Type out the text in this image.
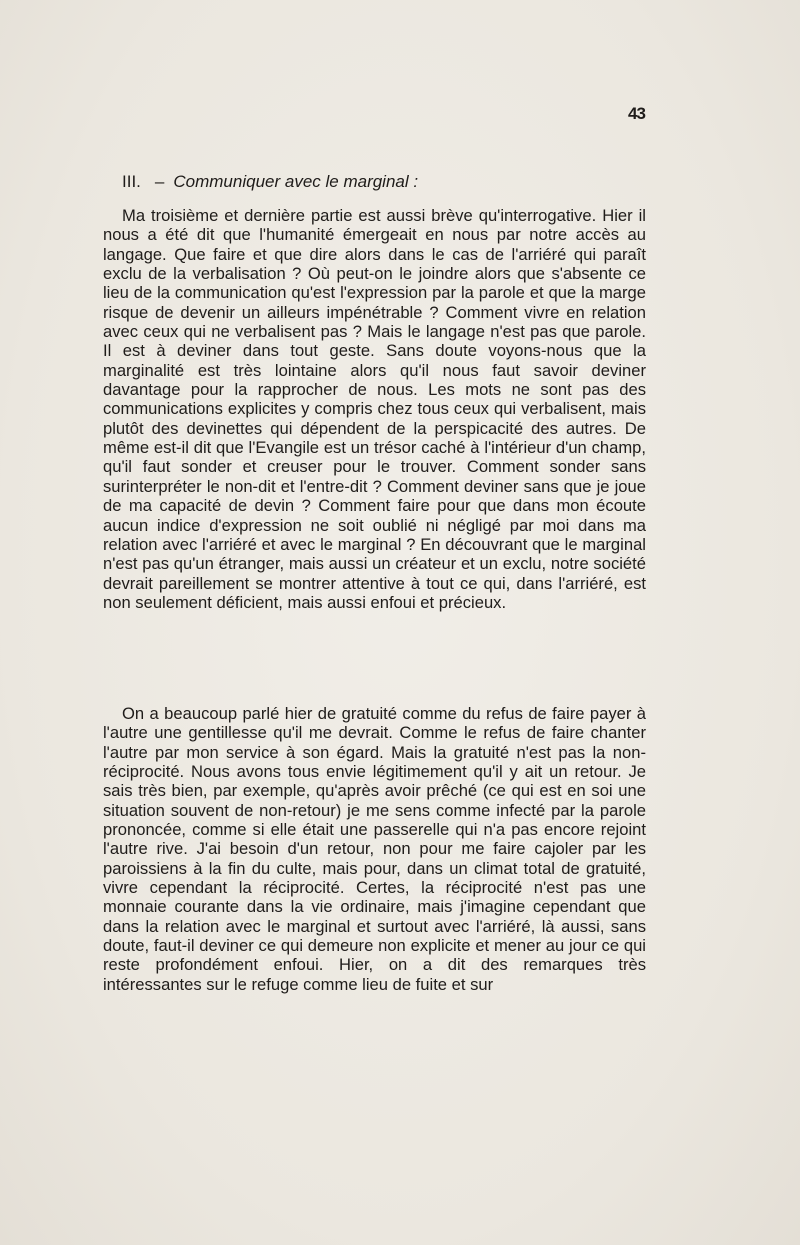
43
III. – Communiquer avec le marginal :

Ma troisième et dernière partie est aussi brève qu'interrogative. Hier il nous a été dit que l'humanité émergeait en nous par notre accès au langage. Que faire et que dire alors dans le cas de l'arriéré qui paraît exclu de la verbalisation ? Où peut-on le joindre alors que s'absente ce lieu de la communication qu'est l'expression par la parole et que la marge risque de devenir un ailleurs impénétrable ? Comment vivre en relation avec ceux qui ne verbalisent pas ? Mais le langage n'est pas que parole. Il est à deviner dans tout geste. Sans doute voyons-nous que la marginalité est très lointaine alors qu'il nous faut savoir deviner davantage pour la rapprocher de nous. Les mots ne sont pas des communications explicites y compris chez tous ceux qui verbalisent, mais plutôt des devinettes qui dépendent de la perspicacité des autres. De même est-il dit que l'Evangile est un trésor caché à l'intérieur d'un champ, qu'il faut sonder et creuser pour le trouver. Comment sonder sans surinterpréter le non-dit et l'entre-dit ? Comment deviner sans que je joue de ma capacité de devin ? Comment faire pour que dans mon écoute aucun indice d'expression ne soit oublié ni négligé par moi dans ma relation avec l'arriéré et avec le marginal ? En découvrant que le marginal n'est pas qu'un étranger, mais aussi un créateur et un exclu, notre société devrait pareillement se montrer attentive à tout ce qui, dans l'arriéré, est non seulement déficient, mais aussi enfoui et précieux.

On a beaucoup parlé hier de gratuité comme du refus de faire payer à l'autre une gentillesse qu'il me devrait. Comme le refus de faire chanter l'autre par mon service à son égard. Mais la gratuité n'est pas la non-réciprocité. Nous avons tous envie légitimement qu'il y ait un retour. Je sais très bien, par exemple, qu'après avoir prêché (ce qui est en soi une situation souvent de non-retour) je me sens comme infecté par la parole prononcée, comme si elle était une passerelle qui n'a pas encore rejoint l'autre rive. J'ai besoin d'un retour, non pour me faire cajoler par les paroissiens à la fin du culte, mais pour, dans un climat total de gratuité, vivre cependant la réciprocité. Certes, la réciprocité n'est pas une monnaie courante dans la vie ordinaire, mais j'imagine cependant que dans la relation avec le marginal et surtout avec l'arriéré, là aussi, sans doute, faut-il deviner ce qui demeure non explicite et mener au jour ce qui reste profondément enfoui. Hier, on a dit des remarques très intéressantes sur le refuge comme lieu de fuite et sur
